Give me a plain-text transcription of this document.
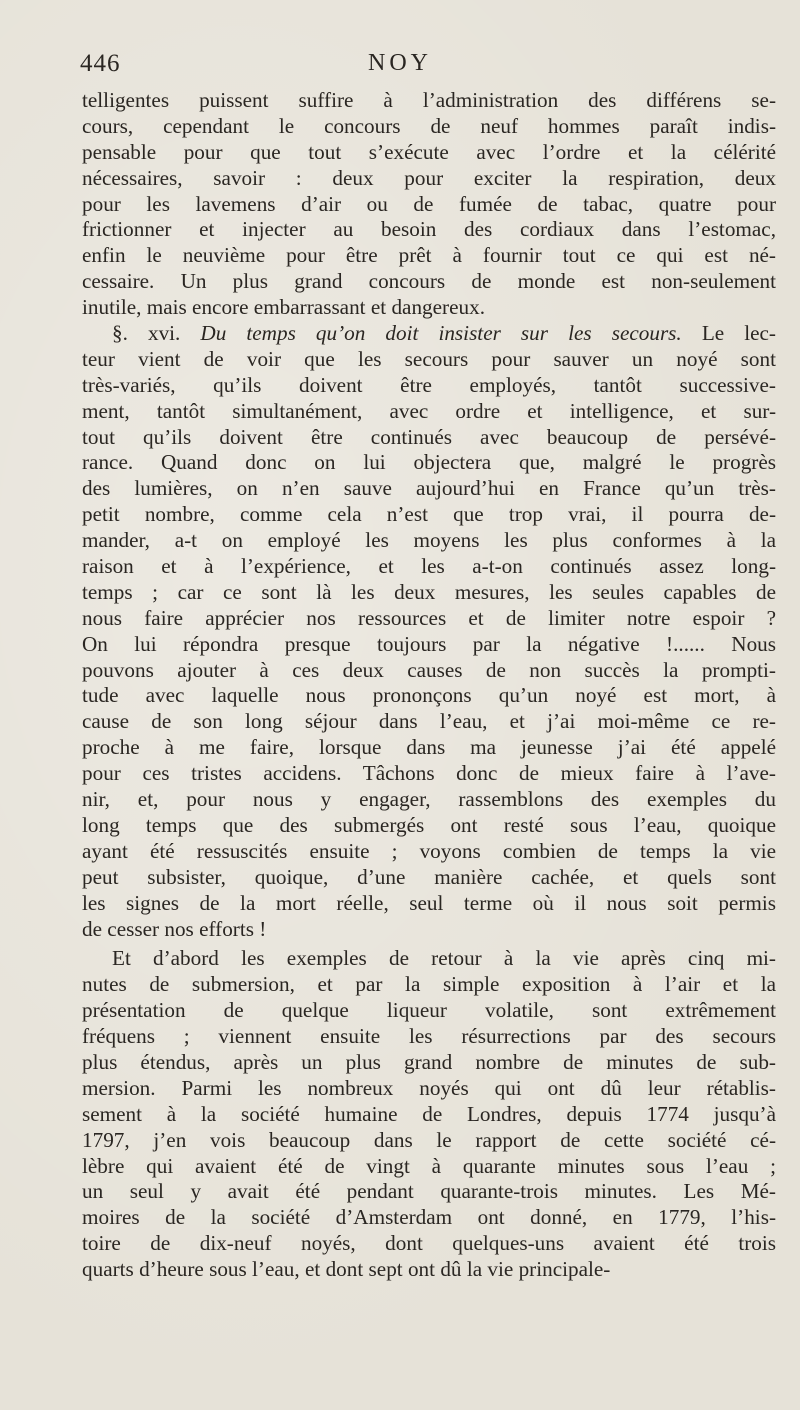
446	NOY
telligentes puissent suffire à l’administration des différens se-
cours, cependant le concours de neuf hommes paraît indis-
pensable pour que tout s’exécute avec l’ordre et la célérité
nécessaires, savoir : deux pour exciter la respiration, deux
pour les lavemens d’air ou de fumée de tabac, quatre pour
frictionner et injecter au besoin des cordiaux dans l’estomac,
enfin le neuvième pour être prêt à fournir tout ce qui est né-
cessaire. Un plus grand concours de monde est non-seulement
inutile, mais encore embarrassant et dangereux.
§. xvi. Du temps qu’on doit insister sur les secours. Le lec-
teur vient de voir que les secours pour sauver un noyé sont
très-variés, qu’ils doivent être employés, tantôt successive-
ment, tantôt simultanément, avec ordre et intelligence, et sur-
tout qu’ils doivent être continués avec beaucoup de persévé-
rance. Quand donc on lui objectera que, malgré le progrès
des lumières, on n’en sauve aujourd’hui en France qu’un très-
petit nombre, comme cela n’est que trop vrai, il pourra de-
mander, a-t on employé les moyens les plus conformes à la
raison et à l’expérience, et les a-t-on continués assez long-
temps ; car ce sont là les deux mesures, les seules capables de
nous faire apprécier nos ressources et de limiter notre espoir ?
On lui répondra presque toujours par la négative !...... Nous
pouvons ajouter à ces deux causes de non succès la prompti-
tude avec laquelle nous prononçons qu’un noyé est mort, à
cause de son long séjour dans l’eau, et j’ai moi-même ce re-
proche à me faire, lorsque dans ma jeunesse j’ai été appelé
pour ces tristes accidens. Tâchons donc de mieux faire à l’ave-
nir, et, pour nous y engager, rassemblons des exemples du
long temps que des submergés ont resté sous l’eau, quoique
ayant été ressuscités ensuite ; voyons combien de temps la vie
peut subsister, quoique, d’une manière cachée, et quels sont
les signes de la mort réelle, seul terme où il nous soit permis
de cesser nos efforts !
Et d’abord les exemples de retour à la vie après cinq mi-
nutes de submersion, et par la simple exposition à l’air et la
présentation de quelque liqueur volatile, sont extrêmement
fréquens ; viennent ensuite les résurrections par des secours
plus étendus, après un plus grand nombre de minutes de sub-
mersion. Parmi les nombreux noyés qui ont dû leur rétablis-
sement à la société humaine de Londres, depuis 1774 jusqu’à
1797, j’en vois beaucoup dans le rapport de cette société cé-
lèbre qui avaient été de vingt à quarante minutes sous l’eau ;
un seul y avait été pendant quarante-trois minutes. Les Mé-
moires de la société d’Amsterdam ont donné, en 1779, l’his-
toire de dix-neuf noyés, dont quelques-uns avaient été trois
quarts d’heure sous l’eau, et dont sept ont dû la vie principale-
